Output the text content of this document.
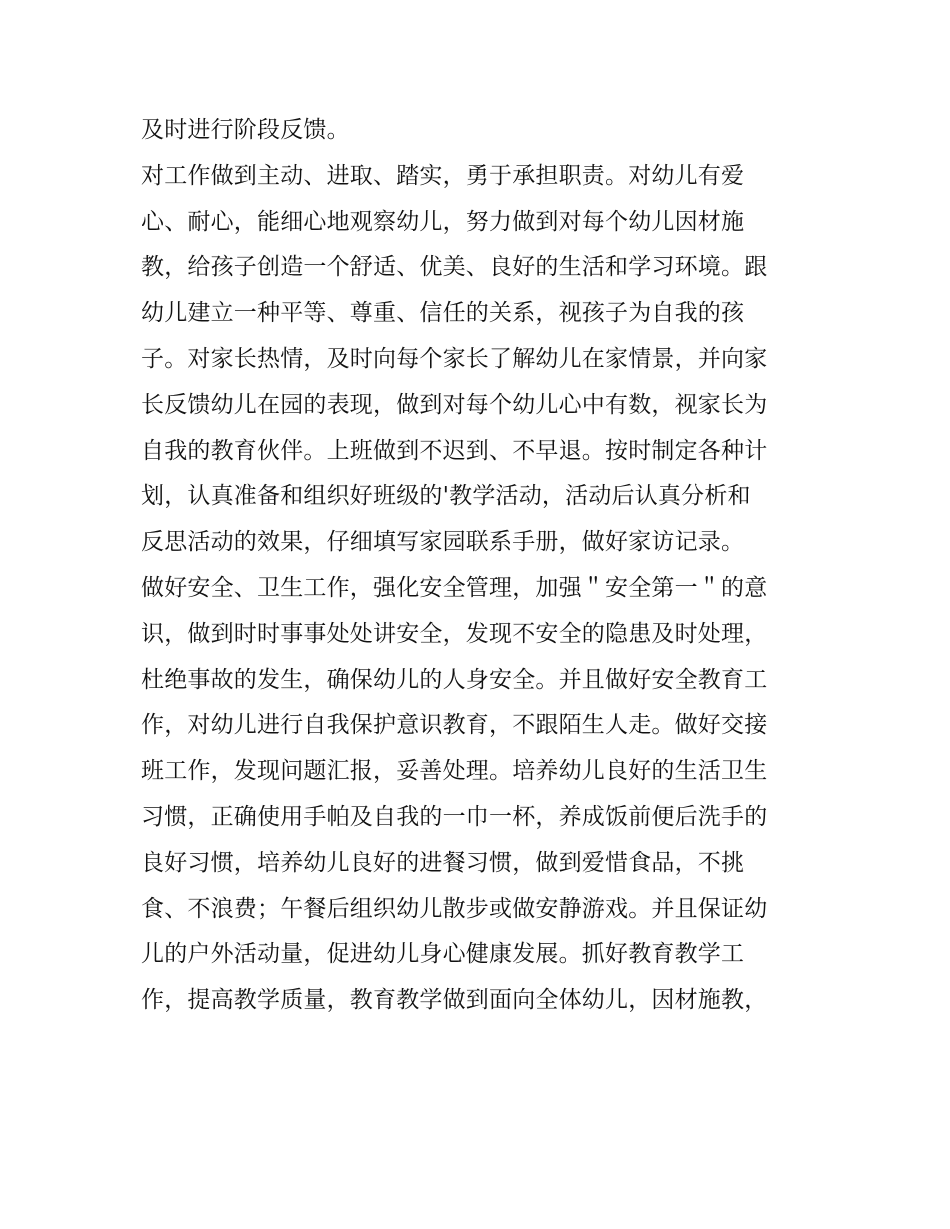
及时进行阶段反馈。
对工作做到主动、进取、踏实，勇于承担职责。对幼儿有爱
心、耐心，能细心地观察幼儿，努力做到对每个幼儿因材施
教，给孩子创造一个舒适、优美、良好的生活和学习环境。跟
幼儿建立一种平等、尊重、信任的关系，视孩子为自我的孩
子。对家长热情，及时向每个家长了解幼儿在家情景，并向家
长反馈幼儿在园的表现，做到对每个幼儿心中有数，视家长为
自我的教育伙伴。上班做到不迟到、不早退。按时制定各种计
划，认真准备和组织好班级的'教学活动，活动后认真分析和
反思活动的效果，仔细填写家园联系手册，做好家访记录。
做好安全、卫生工作，强化安全管理，加强＂安全第一＂的意
识，做到时时事事处处讲安全，发现不安全的隐患及时处理，
杜绝事故的发生，确保幼儿的人身安全。并且做好安全教育工
作，对幼儿进行自我保护意识教育，不跟陌生人走。做好交接
班工作，发现问题汇报，妥善处理。培养幼儿良好的生活卫生
习惯，正确使用手帕及自我的一巾一杯，养成饭前便后洗手的
良好习惯，培养幼儿良好的进餐习惯，做到爱惜食品，不挑
食、不浪费；午餐后组织幼儿散步或做安静游戏。并且保证幼
儿的户外活动量，促进幼儿身心健康发展。抓好教育教学工
作，提高教学质量，教育教学做到面向全体幼儿，因材施教，
